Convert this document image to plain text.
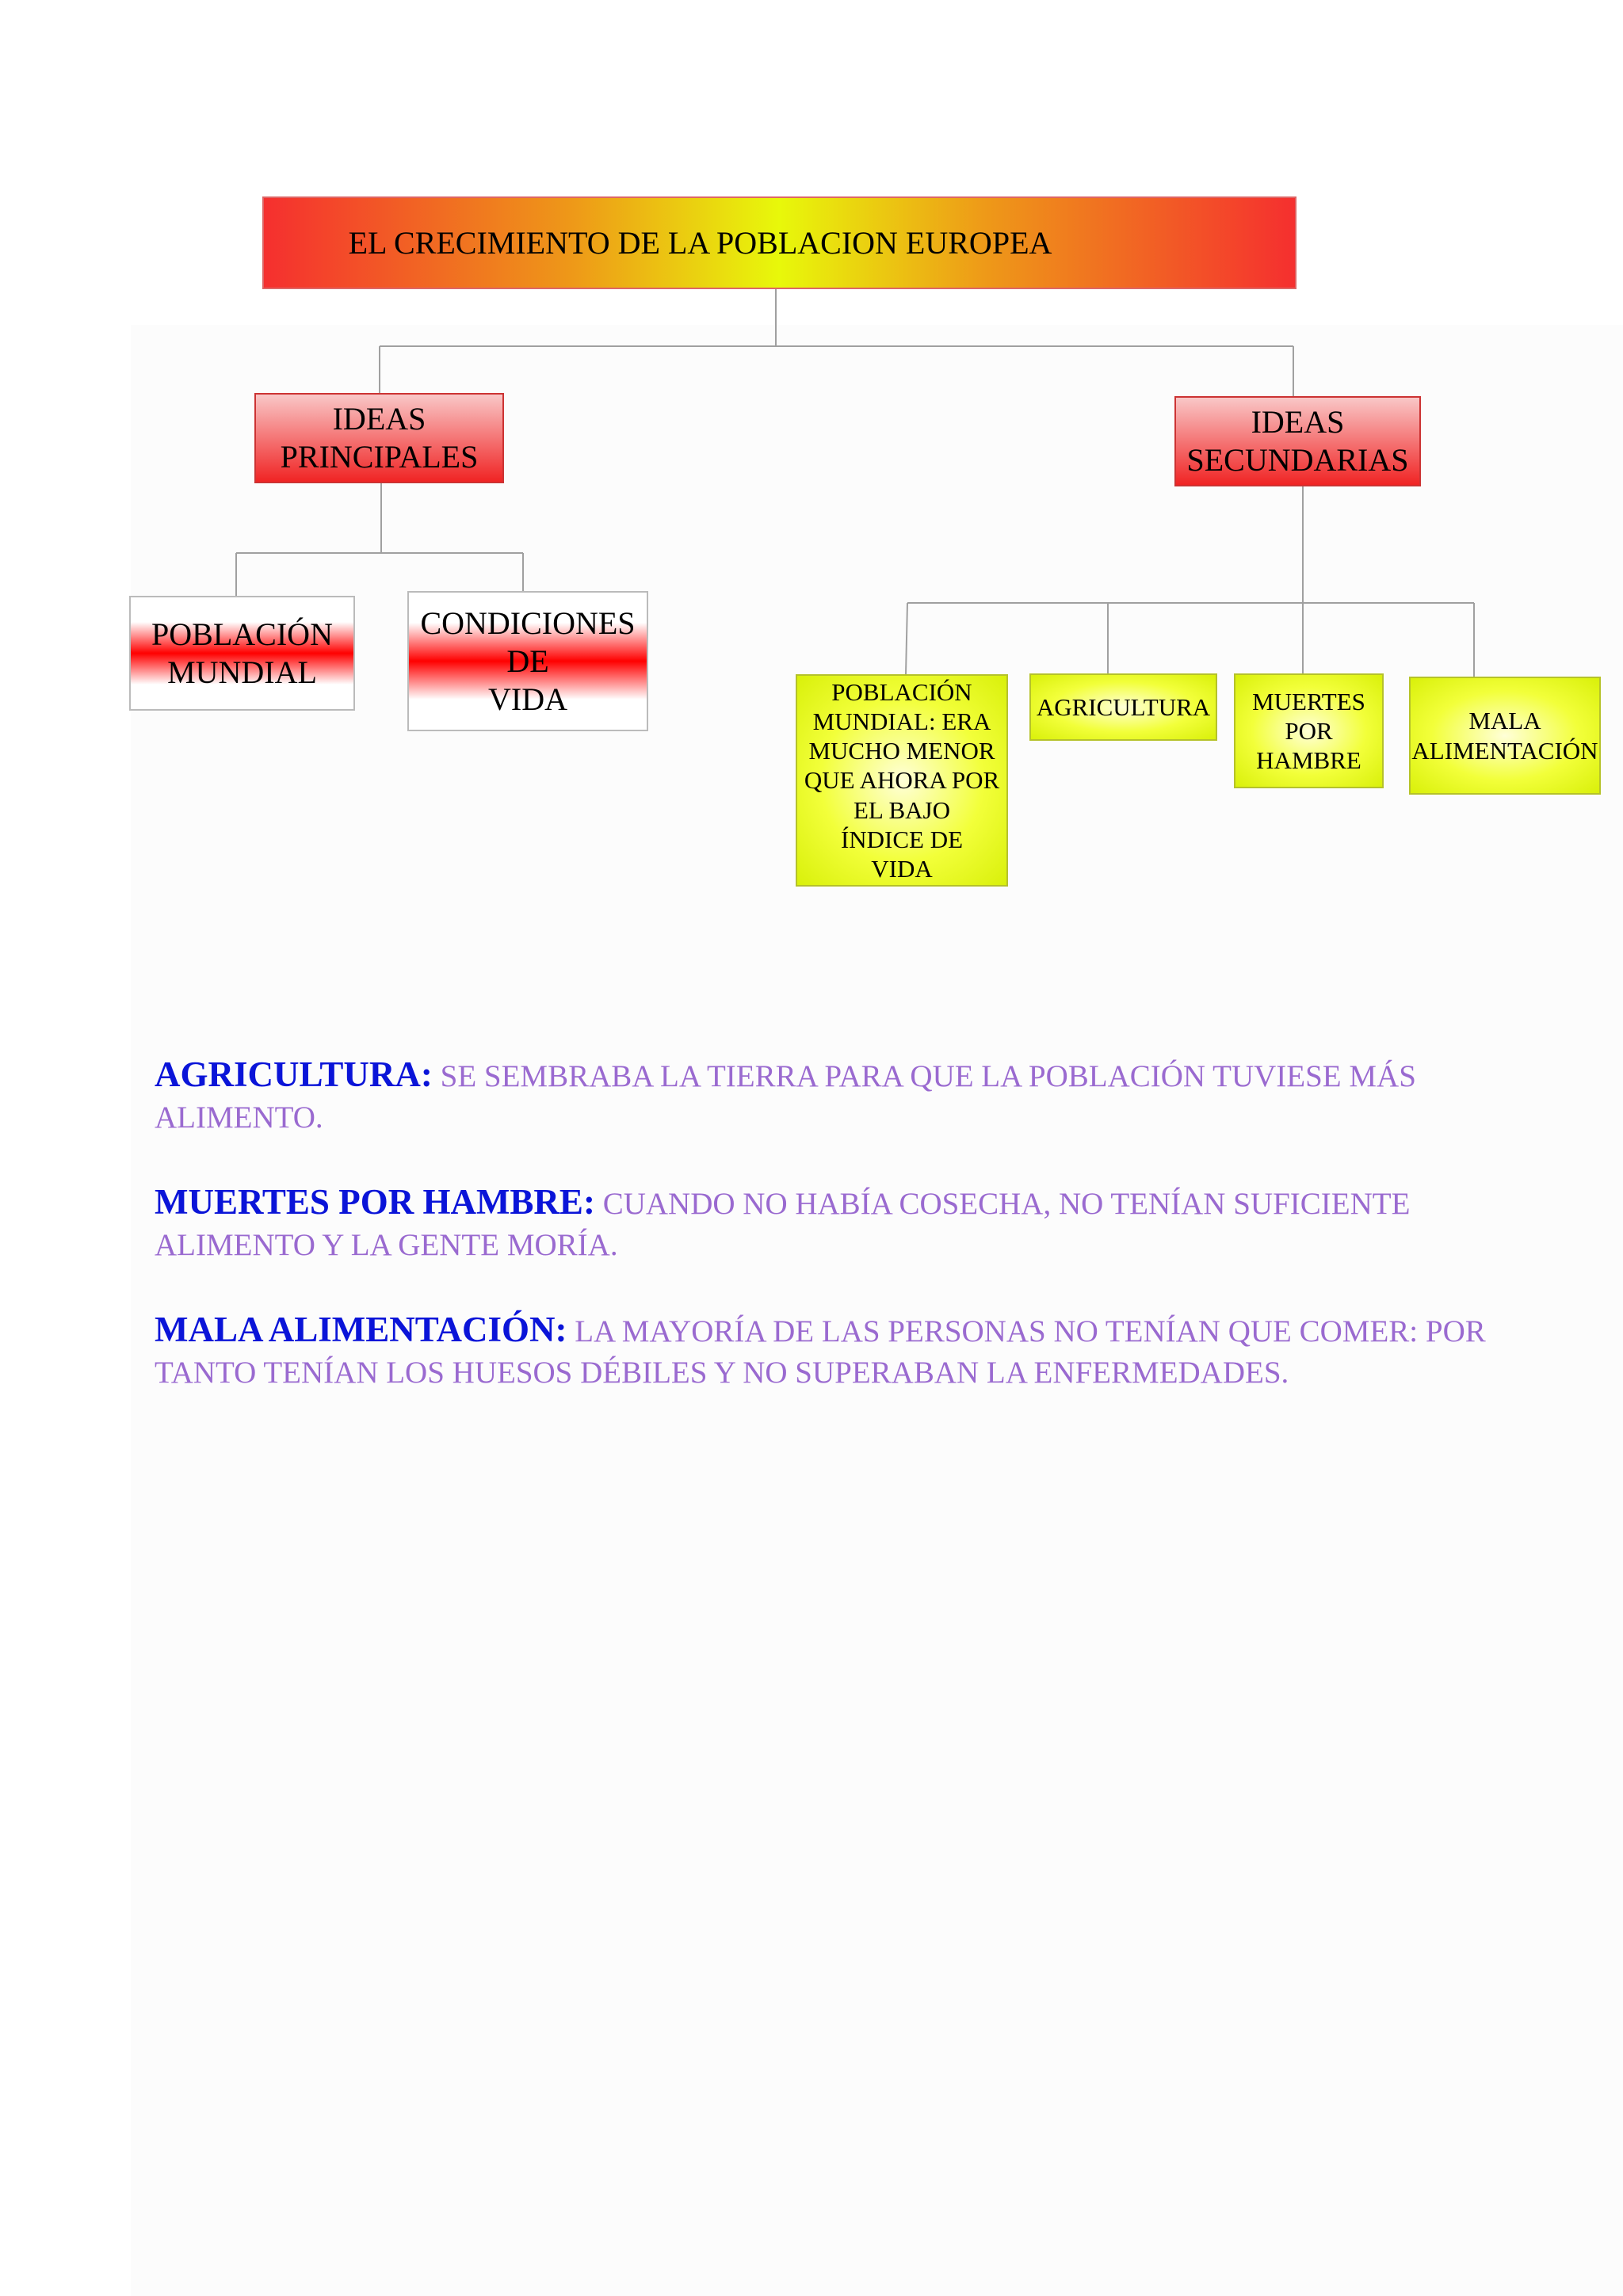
EL CRECIMIENTO DE LA POBLACION EUROPEA
IDEAS
PRINCIPALES
IDEAS
SECUNDARIAS
POBLACIÓN
MUNDIAL
CONDICIONES
DE
VIDA	POBLACIÓN
MUNDIAL: ERA
MUCHO MENOR
QUE AHORA POR
EL BAJO
ÍNDICE DE
VIDA
AGRICULTURA MUERTES
POR
HAMBRE
MALA
ALIMENTACIÓN

AGRICULTURA: SE SEMBRABA LA TIERRA PARA QUE LA POBLACIÓN TUVIESE MÁS ALIMENTO.

MUERTES POR HAMBRE: CUANDO NO HABÍA COSECHA, NO TENÍAN SUFICIENTE ALIMENTO Y LA GENTE MORÍA.

MALA ALIMENTACIÓN: LA MAYORÍA DE LAS PERSONAS NO TENÍAN QUE COMER: POR TANTO TENÍAN LOS HUESOS DÉBILES Y NO SUPERABAN LA ENFERMEDADES.
